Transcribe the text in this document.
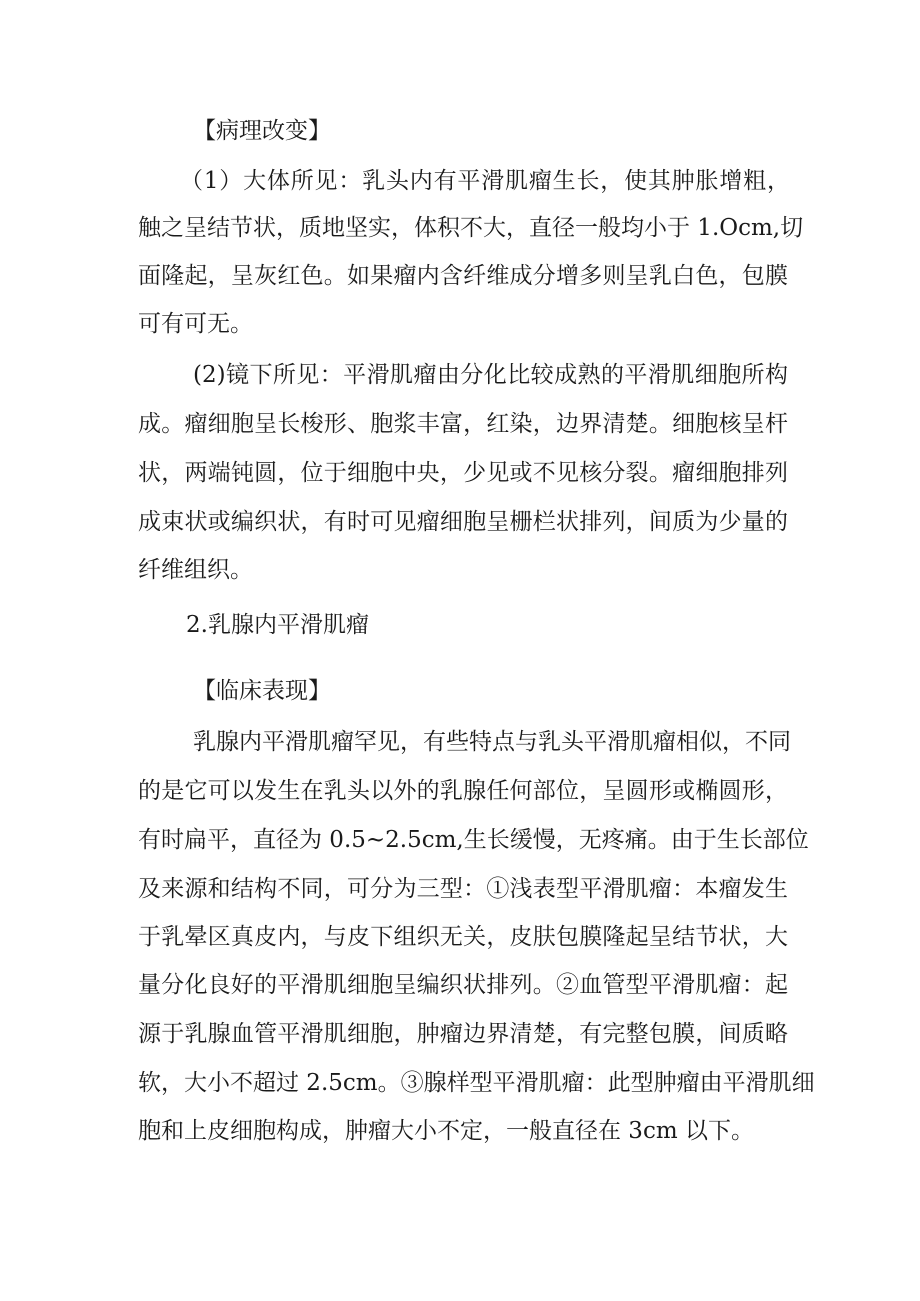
【病理改变】
（1）大体所见：乳头内有平滑肌瘤生长，使其肿胀增粗，
触之呈结节状，质地坚实，体积不大，直径一般均小于 1.Ocm,切
面隆起，呈灰红色。如果瘤内含纤维成分增多则呈乳白色，包膜
可有可无。
(2)镜下所见：平滑肌瘤由分化比较成熟的平滑肌细胞所构
成。瘤细胞呈长梭形、胞浆丰富，红染，边界清楚。细胞核呈杆
状，两端钝圆，位于细胞中央，少见或不见核分裂。瘤细胞排列
成束状或编织状，有时可见瘤细胞呈栅栏状排列，间质为少量的
纤维组织。
2.乳腺内平滑肌瘤
【临床表现】
乳腺内平滑肌瘤罕见，有些特点与乳头平滑肌瘤相似，不同
的是它可以发生在乳头以外的乳腺任何部位，呈圆形或椭圆形，
有时扁平，直径为 0.5~2.5cm,生长缓慢，无疼痛。由于生长部位
及来源和结构不同，可分为三型：①浅表型平滑肌瘤：本瘤发生
于乳晕区真皮内，与皮下组织无关，皮肤包膜隆起呈结节状，大
量分化良好的平滑肌细胞呈编织状排列。②血管型平滑肌瘤：起
源于乳腺血管平滑肌细胞，肿瘤边界清楚，有完整包膜，间质略
软，大小不超过 2.5cm。③腺样型平滑肌瘤：此型肿瘤由平滑肌细
胞和上皮细胞构成，肿瘤大小不定，一般直径在 3cm 以下。
